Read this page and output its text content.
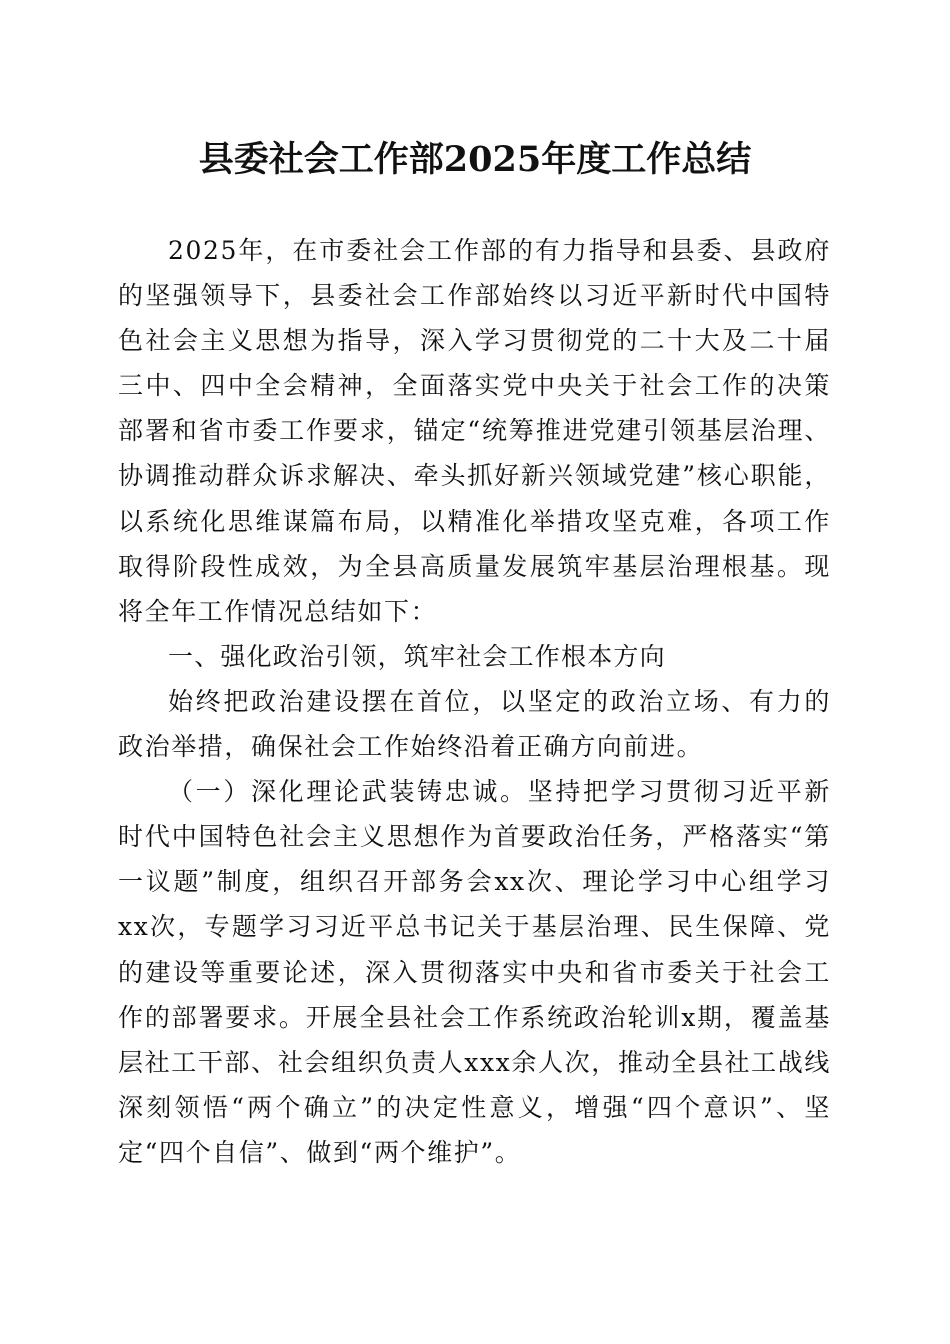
县委社会工作部2025年度工作总结

2025年，在市委社会工作部的有力指导和县委、县政府的坚强领导下，县委社会工作部始终以习近平新时代中国特色社会主义思想为指导，深入学习贯彻党的二十大及二十届三中、四中全会精神，全面落实党中央关于社会工作的决策部署和省市委工作要求，锚定“统筹推进党建引领基层治理、协调推动群众诉求解决、牵头抓好新兴领域党建”核心职能，以系统化思维谋篇布局，以精准化举措攻坚克难，各项工作取得阶段性成效，为全县高质量发展筑牢基层治理根基。现将全年工作情况总结如下：

一、强化政治引领，筑牢社会工作根本方向

始终把政治建设摆在首位，以坚定的政治立场、有力的政治举措，确保社会工作始终沿着正确方向前进。

（一）深化理论武装铸忠诚。坚持把学习贯彻习近平新时代中国特色社会主义思想作为首要政治任务，严格落实“第一议题”制度，组织召开部务会xx次、理论学习中心组学习xx次，专题学习习近平总书记关于基层治理、民生保障、党的建设等重要论述，深入贯彻落实中央和省市委关于社会工作的部署要求。开展全县社会工作系统政治轮训x期，覆盖基层社工干部、社会组织负责人xxx余人次，推动全县社工战线深刻领悟“两个确立”的决定性意义，增强“四个意识”、坚定“四个自信”、做到“两个维护”。
